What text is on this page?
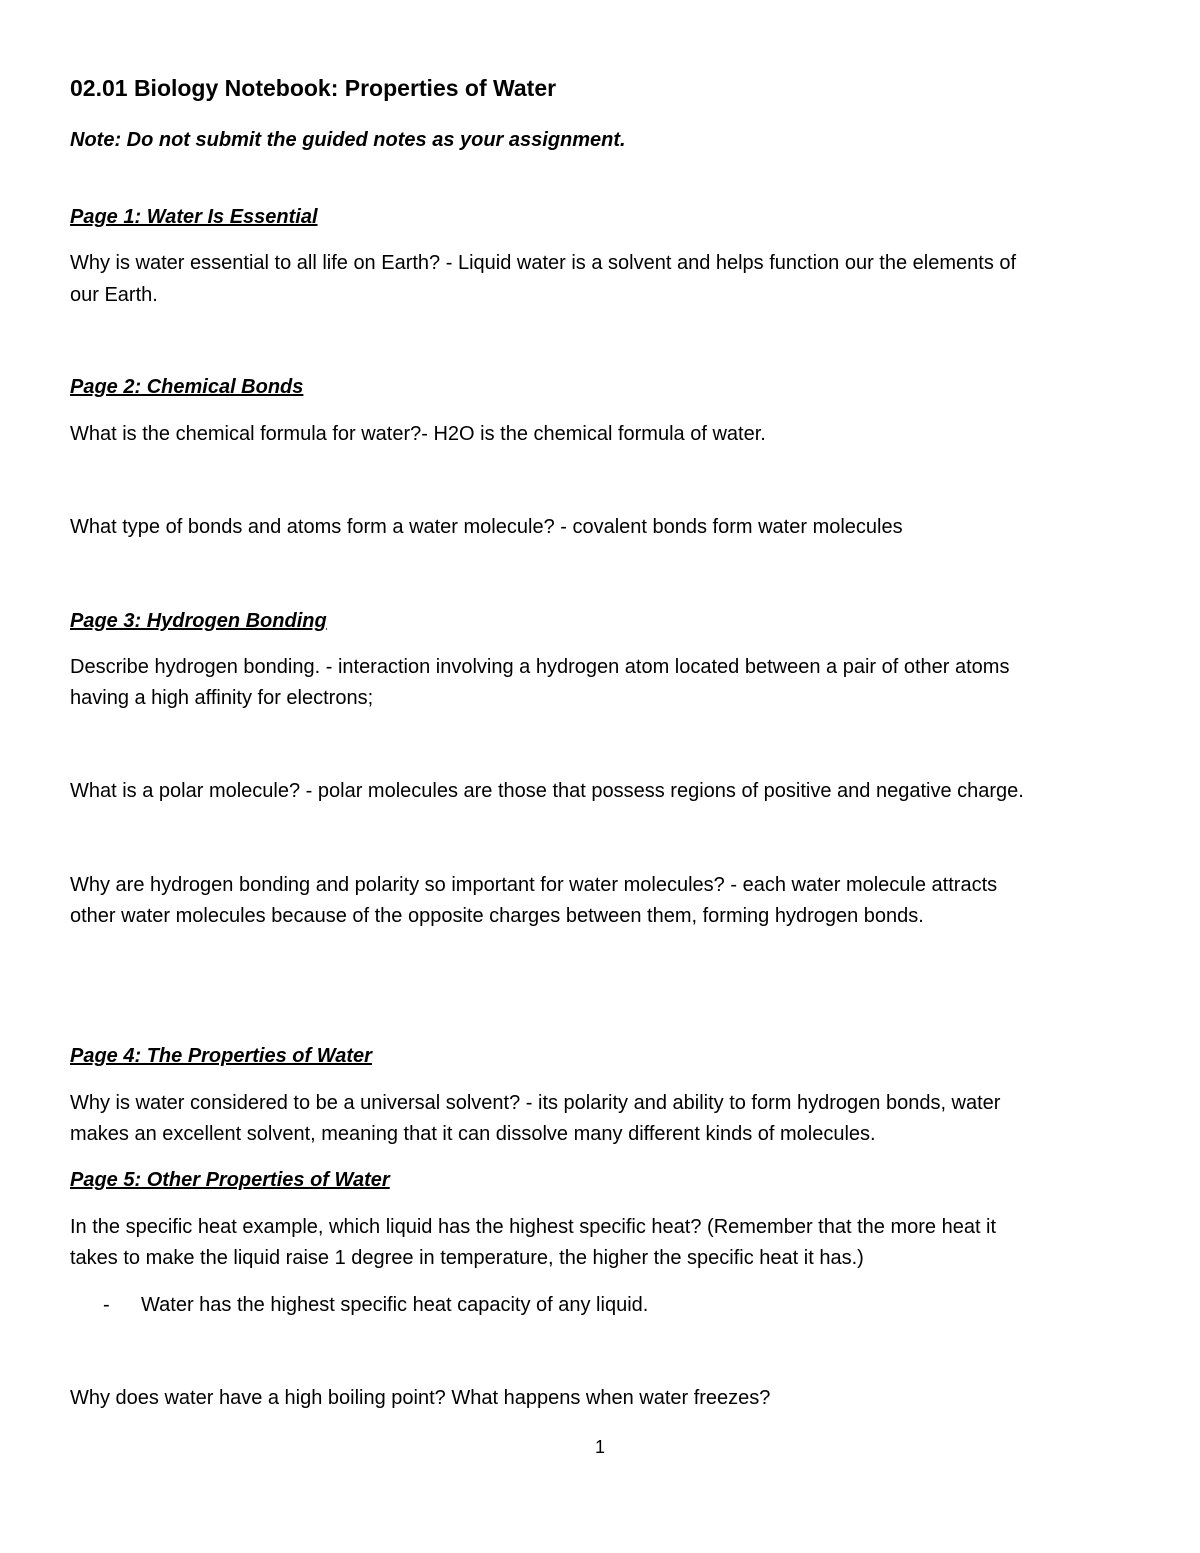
02.01 Biology Notebook: Properties of Water

Note: Do not submit the guided notes as your assignment.

Page 1: Water Is Essential

Why is water essential to all life on Earth? - Liquid water is a solvent and helps function our the elements of

our Earth.

Page 2: Chemical Bonds

What is the chemical formula for water?- H2O is the chemical formula of water.

What type of bonds and atoms form a water molecule? - covalent bonds form water molecules

Page 3: Hydrogen Bonding

Describe hydrogen bonding. - interaction involving a hydrogen atom located between a pair of other atoms

having a high affinity for electrons;

What is a polar molecule? - polar molecules are those that possess regions of positive and negative charge.

Why are hydrogen bonding and polarity so important for water molecules? - each water molecule attracts

other water molecules because of the opposite charges between them, forming hydrogen bonds.

Page 4: The Properties of Water

Why is water considered to be a universal solvent? - its polarity and ability to form hydrogen bonds, water

makes an excellent solvent, meaning that it can dissolve many different kinds of molecules.

Page 5: Other Properties of Water

In the specific heat example, which liquid has the highest specific heat? (Remember that the more heat it

takes to make the liquid raise 1 degree in temperature, the higher the specific heat it has.)

- Water has the highest specific heat capacity of any liquid.

Why does water have a high boiling point? What happens when water freezes?

1
